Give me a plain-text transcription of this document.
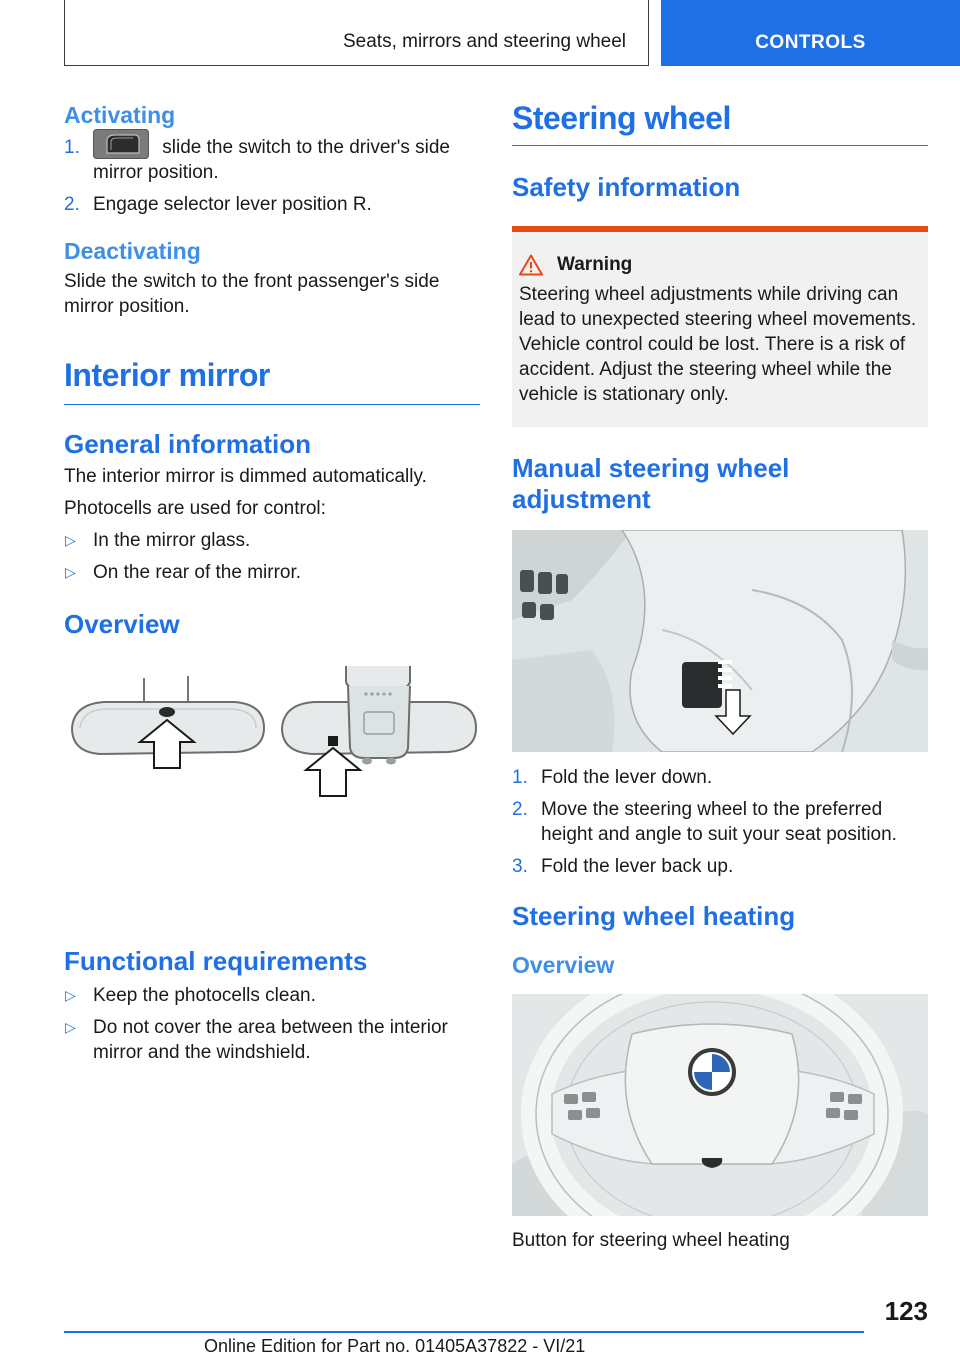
Seats, mirrors and steering wheel	CONTROLS
Activating
1.	slide the switch to the driver's side mirror position.
2. Engage selector lever position R.
Deactivating

Slide the switch to the front passenger's side mirror position.

Interior mirror
General information

The interior mirror is dimmed automatically.

Photocells are used for control:

▷ In the mirror glass.
▷ On the rear of the mirror.
Overview
Functional requirements
▷ Keep the photocells clean.
▷ Do not cover the area between the interior mirror and the windshield.
Steering wheel
Safety information
Warning

Steering wheel adjustments while driving can lead to unexpected steering wheel movements. Vehicle control could be lost. There is a risk of accident. Adjust the steering wheel while the vehicle is stationary only.

Manual steering wheel adjustment
1. Fold the lever down.
2. Move the steering wheel to the preferred height and angle to suit your seat position.
3. Fold the lever back up.
Steering wheel heating
Overview

Button for steering wheel heating

123
Online Edition for Part no. 01405A37822 - VI/21
